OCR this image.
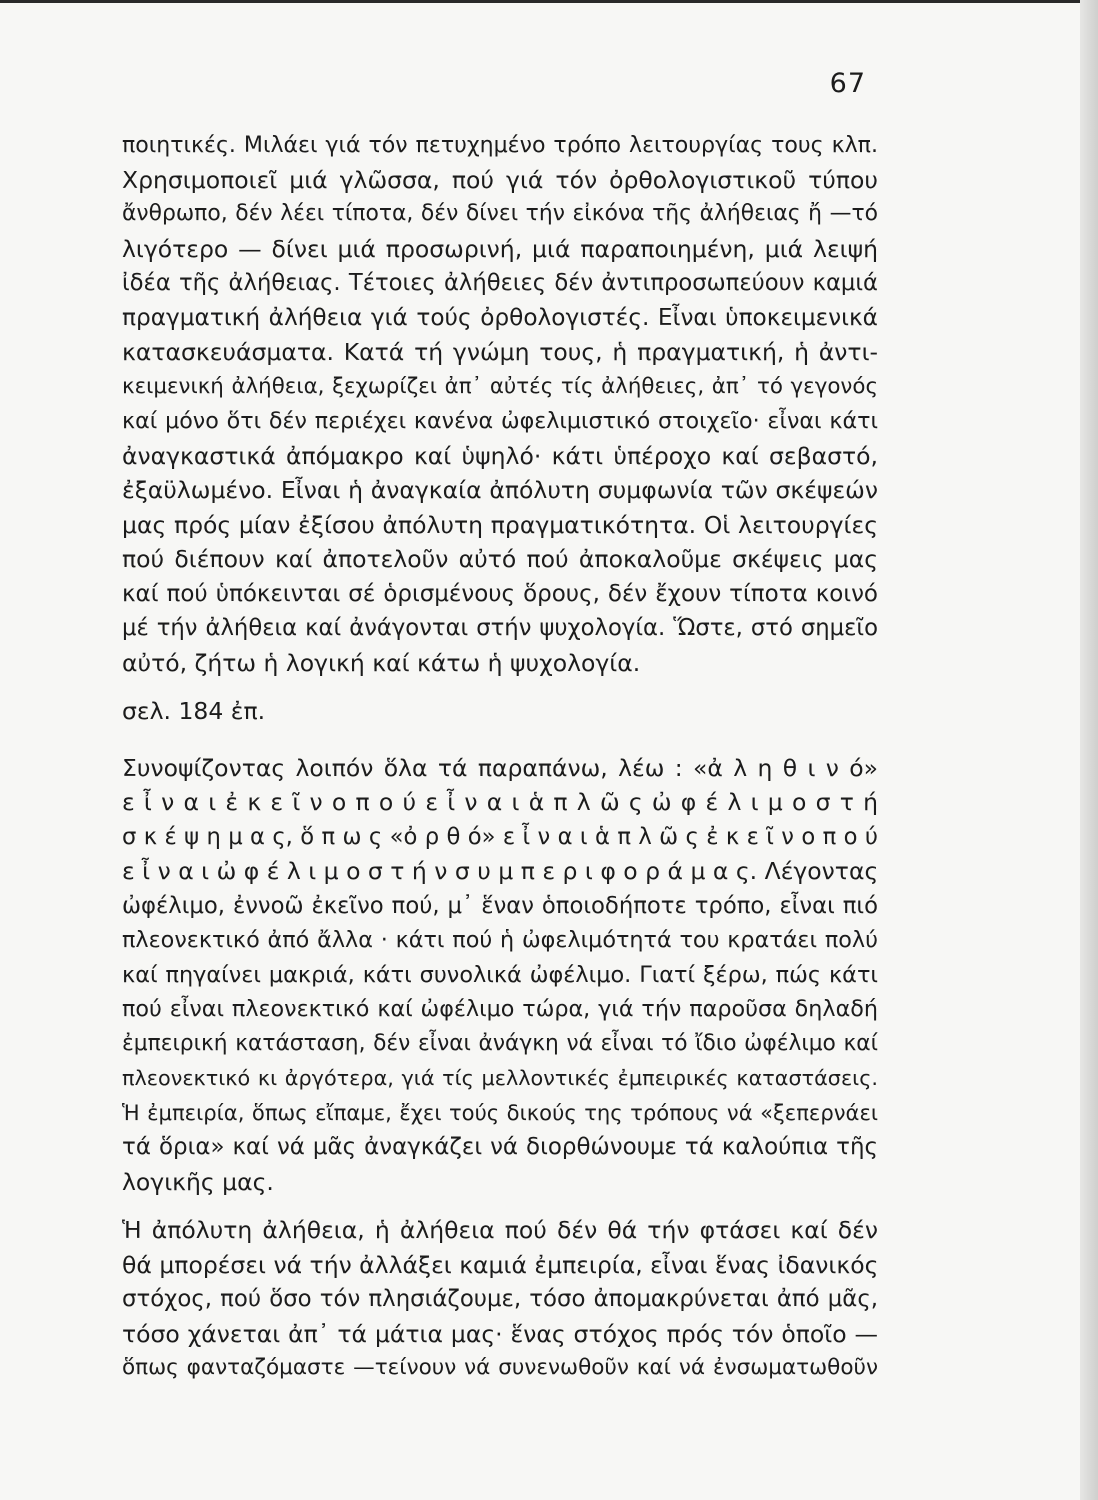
67
ποιητικές. Μιλάει γιά τόν πετυχημένο τρόπο λειτουργίας τους κλπ.
Χρησιμοποιεῖ μιά γλῶσσα, πού γιά τόν ὀρθολογιστικοῦ τύπου
ἄνθρωπο, δέν λέει τίποτα, δέν δίνει τήν εἰκόνα τῆς ἀλήθειας ἤ —τό
λιγότερο — δίνει μιά προσωρινή, μιά παραποιημένη, μιά λειψή
ἰδέα τῆς ἀλήθειας. Τέτοιες ἀλήθειες δέν ἀντιπροσωπεύουν καμιά
πραγματική ἀλήθεια γιά τούς ὀρθολογιστές. Εἶναι ὑποκειμενικά
κατασκευάσματα. Κατά τή γνώμη τους, ἡ πραγματική, ἡ ἀντι-
κειμενική ἀλήθεια, ξεχωρίζει ἀπ᾿ αὐτές τίς ἀλήθειες, ἀπ᾿ τό γεγονός
καί μόνο ὅτι δέν περιέχει κανένα ὠφελιμιστικό στοιχεῖο· εἶναι κάτι
ἀναγκαστικά ἀπόμακρο καί ὑψηλό· κάτι ὑπέροχο καί σεβαστό,
ἐξαϋλωμένο. Εἶναι ἡ ἀναγκαία ἀπόλυτη συμφωνία τῶν σκέψεών
μας πρός μίαν ἐξίσου ἀπόλυτη πραγματικότητα. Οἱ λειτουργίες
πού διέπουν καί ἀποτελοῦν αὐτό πού ἀποκαλοῦμε σκέψεις μας
καί πού ὑπόκεινται σέ ὁρισμένους ὅρους, δέν ἔχουν τίποτα κοινό
μέ τήν ἀλήθεια καί ἀνάγονται στήν ψυχολογία. Ὥστε, στό σημεῖο
αὐτό, ζήτω ἡ λογική καί κάτω ἡ ψυχολογία.
σελ. 184 ἐπ.
Συνοψίζοντας λοιπόν ὅλα τά παραπάνω, λέω : «ἀ λ η θ ι ν ό»
ε ἶ ν α ι ἐ κ ε ῖ ν ο π ο ύ ε ἶ ν α ι ἁ π λ ῶ ς ὠ φ έ λ ι μ ο σ τ ή
σ κ έ ψ η μ α ς, ὅ π ω ς «ὀ ρ θ ό» ε ἶ ν α ι ἁ π λ ῶ ς ἐ κ ε ῖ ν ο π ο ύ
ε ἶ ν α ι ὠ φ έ λ ι μ ο σ τ ή ν σ υ μ π ε ρ ι φ ο ρ ά μ α ς. Λέγοντας
ὠφέλιμο, ἐννοῶ ἐκεῖνο πού, μ᾿ ἕναν ὁποιοδήποτε τρόπο, εἶναι πιό
πλεονεκτικό ἀπό ἄλλα · κάτι πού ἡ ὠφελιμότητά του κρατάει πολύ
καί πηγαίνει μακριά, κάτι συνολικά ὠφέλιμο. Γιατί ξέρω, πώς κάτι
πού εἶναι πλεονεκτικό καί ὠφέλιμο τώρα, γιά τήν παροῦσα δηλαδή
ἐμπειρική κατάσταση, δέν εἶναι ἀνάγκη νά εἶναι τό ἴδιο ὠφέλιμο καί
πλεονεκτικό κι ἀργότερα, γιά τίς μελλοντικές ἐμπειρικές καταστάσεις.
Ἡ ἐμπειρία, ὅπως εἴπαμε, ἔχει τούς δικούς της τρόπους νά «ξεπερνάει
τά ὅρια» καί νά μᾶς ἀναγκάζει νά διορθώνουμε τά καλούπια τῆς
λογικῆς μας.
Ἡ ἀπόλυτη ἀλήθεια, ἡ ἀλήθεια πού δέν θά τήν φτάσει καί δέν
θά μπορέσει νά τήν ἀλλάξει καμιά ἐμπειρία, εἶναι ἕνας ἰδανικός
στόχος, πού ὅσο τόν πλησιάζουμε, τόσο ἀπομακρύνεται ἀπό μᾶς,
τόσο χάνεται ἀπ᾿ τά μάτια μας· ἕνας στόχος πρός τόν ὁποῖο —
ὅπως φανταζόμαστε —τείνουν νά συνενωθοῦν καί νά ἐνσωματωθοῦν
